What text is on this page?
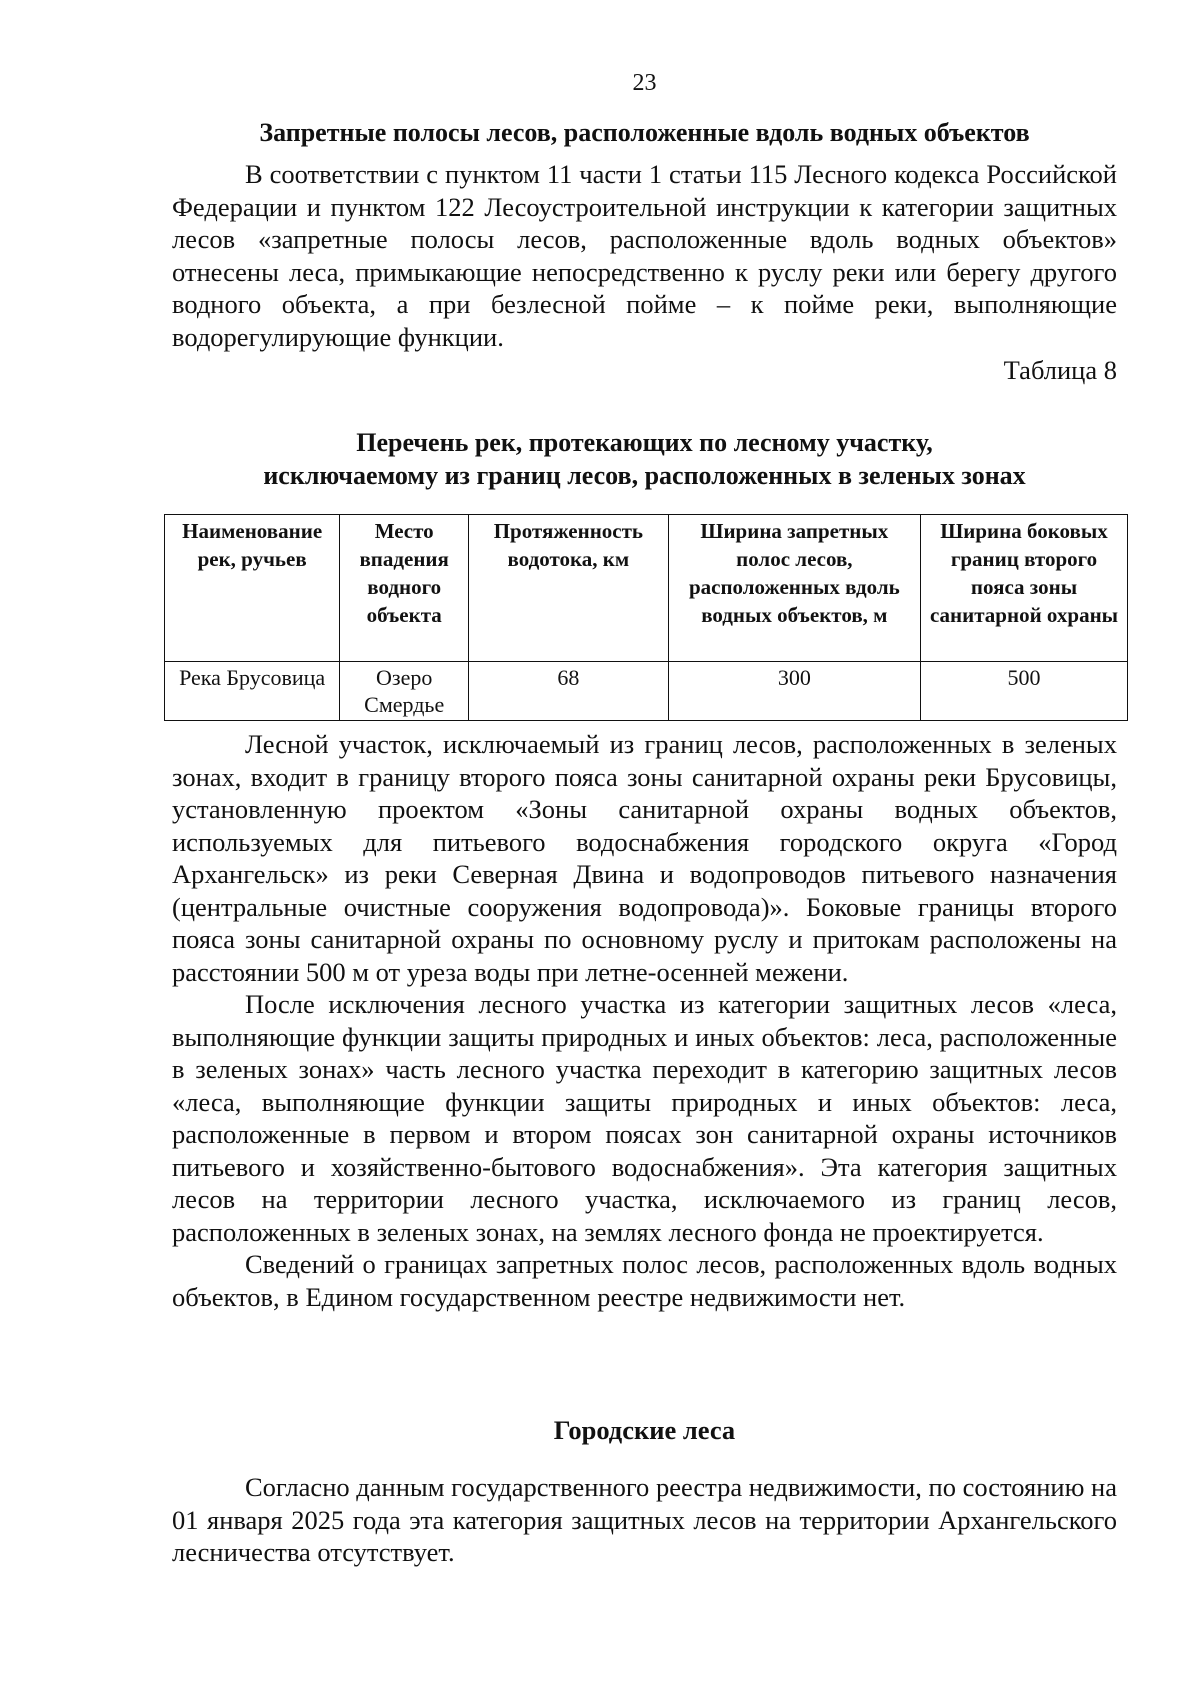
23
Запретные полосы лесов, расположенные вдоль водных объектов

В соответствии с пунктом 11 части 1 статьи 115 Лесного кодекса Российской Федерации и пунктом 122 Лесоустроительной инструкции к категории защитных лесов «запретные полосы лесов, расположенные вдоль водных объектов» отнесены леса, примыкающие непосредственно к руслу реки или берегу другого водного объекта, а при безлесной пойме – к пойме реки, выполняющие водорегулирующие функции.

Таблица 8
Перечень рек, протекающих по лесному участку,
исключаемому из границ лесов, расположенных в зеленых зонах
Наименование рек, ручьев	Место впадения водного объекта	Протяженность водотока, км	Ширина запретных полос лесов, расположенных вдоль водных объектов, м	Ширина боковых границ второго пояса зоны санитарной охраны
Река Брусовица	Озеро Смердье	68	300	500

Лесной участок, исключаемый из границ лесов, расположенных в зеленых зонах, входит в границу второго пояса зоны санитарной охраны реки Брусовицы, установленную проектом «Зоны санитарной охраны водных объектов, используемых для питьевого водоснабжения городского округа «Город Архангельск» из реки Северная Двина и водопроводов питьевого назначения (центральные очистные сооружения водопровода)». Боковые границы второго пояса зоны санитарной охраны по основному руслу и притокам расположены на расстоянии 500 м от уреза воды при летне-осенней межени.

После исключения лесного участка из категории защитных лесов «леса, выполняющие функции защиты природных и иных объектов: леса, расположенные в зеленых зонах» часть лесного участка переходит в категорию защитных лесов «леса, выполняющие функции защиты природных и иных объектов: леса, расположенные в первом и втором поясах зон санитарной охраны источников питьевого и хозяйственно-бытового водоснабжения». Эта категория защитных лесов на территории лесного участка, исключаемого из границ лесов, расположенных в зеленых зонах, на землях лесного фонда не проектируется.

Сведений о границах запретных полос лесов, расположенных вдоль водных объектов, в Едином государственном реестре недвижимости нет.

Городские леса

Согласно данным государственного реестра недвижимости, по состоянию на 01 января 2025 года эта категория защитных лесов на территории Архангельского лесничества отсутствует.
